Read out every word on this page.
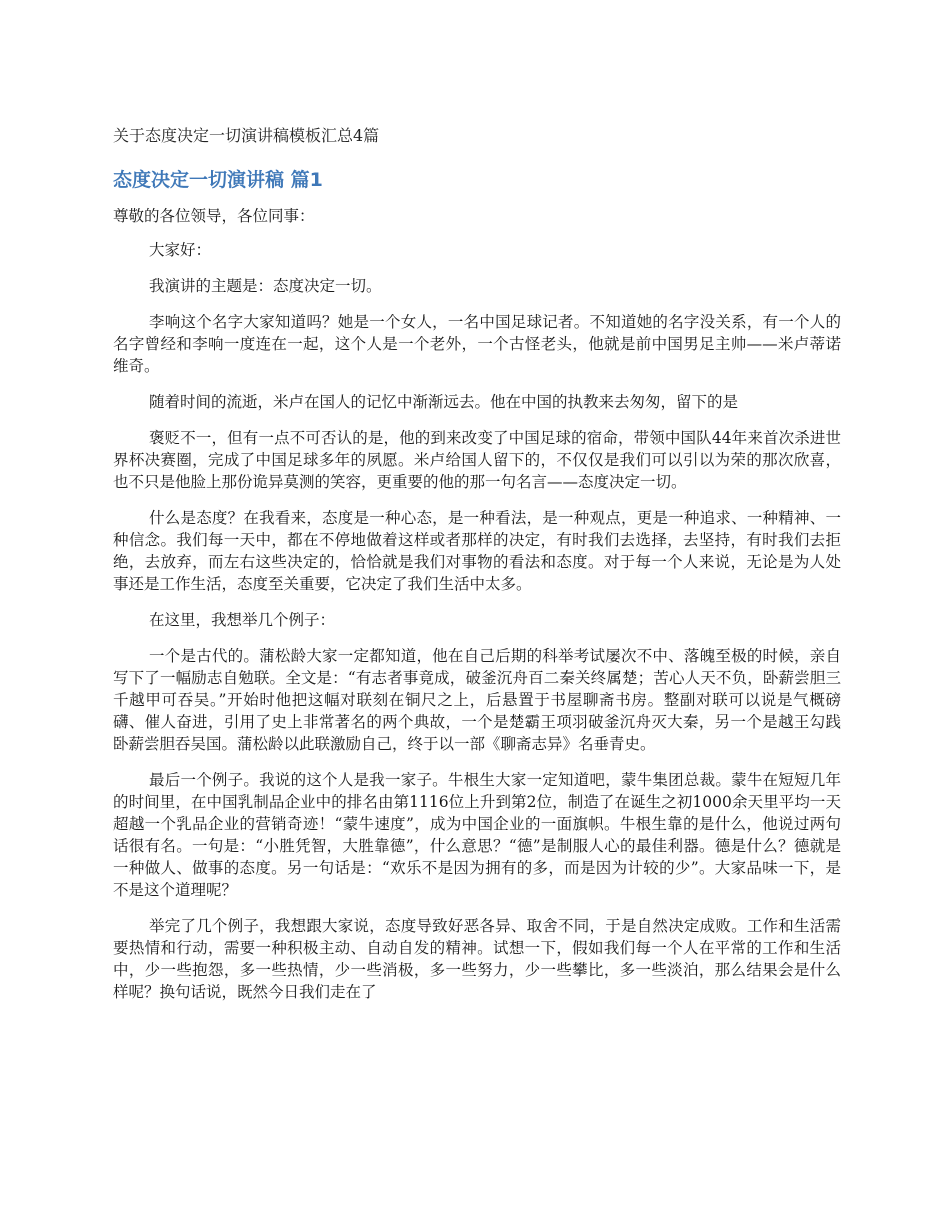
关于态度决定一切演讲稿模板汇总4篇
态度决定一切演讲稿 篇1
尊敬的各位领导，各位同事：

大家好：

我演讲的主题是：态度决定一切。

李响这个名字大家知道吗？她是一个女人，一名中国足球记者。不知道她的名字没关系，有一个人的名字曾经和李响一度连在一起，这个人是一个老外，一个古怪老头，他就是前中国男足主帅——米卢蒂诺维奇。

随着时间的流逝，米卢在国人的记忆中渐渐远去。他在中国的执教来去匆匆，留下的是

褒贬不一，但有一点不可否认的是，他的到来改变了中国足球的宿命，带领中国队44年来首次杀进世界杯决赛圈，完成了中国足球多年的夙愿。米卢给国人留下的，不仅仅是我们可以引以为荣的那次欣喜，也不只是他脸上那份诡异莫测的笑容，更重要的他的那一句名言——态度决定一切。

什么是态度？在我看来，态度是一种心态，是一种看法，是一种观点，更是一种追求、一种精神、一种信念。我们每一天中，都在不停地做着这样或者那样的决定，有时我们去选择，去坚持，有时我们去拒绝，去放弃，而左右这些决定的，恰恰就是我们对事物的看法和态度。对于每一个人来说，无论是为人处事还是工作生活，态度至关重要，它决定了我们生活中太多。

在这里，我想举几个例子：

一个是古代的。蒲松龄大家一定都知道，他在自己后期的科举考试屡次不中、落魄至极的时候，亲自写下了一幅励志自勉联。全文是：“有志者事竟成，破釜沉舟百二秦关终属楚；苦心人天不负，卧薪尝胆三千越甲可吞吴。”开始时他把这幅对联刻在铜尺之上，后悬置于书屋聊斋书房。整副对联可以说是气概磅礴、催人奋进，引用了史上非常著名的两个典故，一个是楚霸王项羽破釜沉舟灭大秦，另一个是越王勾践卧薪尝胆吞吴国。蒲松龄以此联激励自己，终于以一部《聊斋志异》名垂青史。

最后一个例子。我说的这个人是我一家子。牛根生大家一定知道吧，蒙牛集团总裁。蒙牛在短短几年的时间里，在中国乳制品企业中的排名由第1116位上升到第2位，制造了在诞生之初1000余天里平均一天超越一个乳品企业的营销奇迹！“蒙牛速度”，成为中国企业的一面旗帜。牛根生靠的是什么，他说过两句话很有名。一句是：“小胜凭智，大胜靠德”，什么意思？“德”是制服人心的最佳利器。德是什么？德就是一种做人、做事的态度。另一句话是：“欢乐不是因为拥有的多，而是因为计较的少”。大家品味一下，是不是这个道理呢？

举完了几个例子，我想跟大家说，态度导致好恶各异、取舍不同，于是自然决定成败。工作和生活需要热情和行动，需要一种积极主动、自动自发的精神。试想一下，假如我们每一个人在平常的工作和生活中，少一些抱怨，多一些热情，少一些消极，多一些努力，少一些攀比，多一些淡泊，那么结果会是什么样呢？换句话说，既然今日我们走在了
